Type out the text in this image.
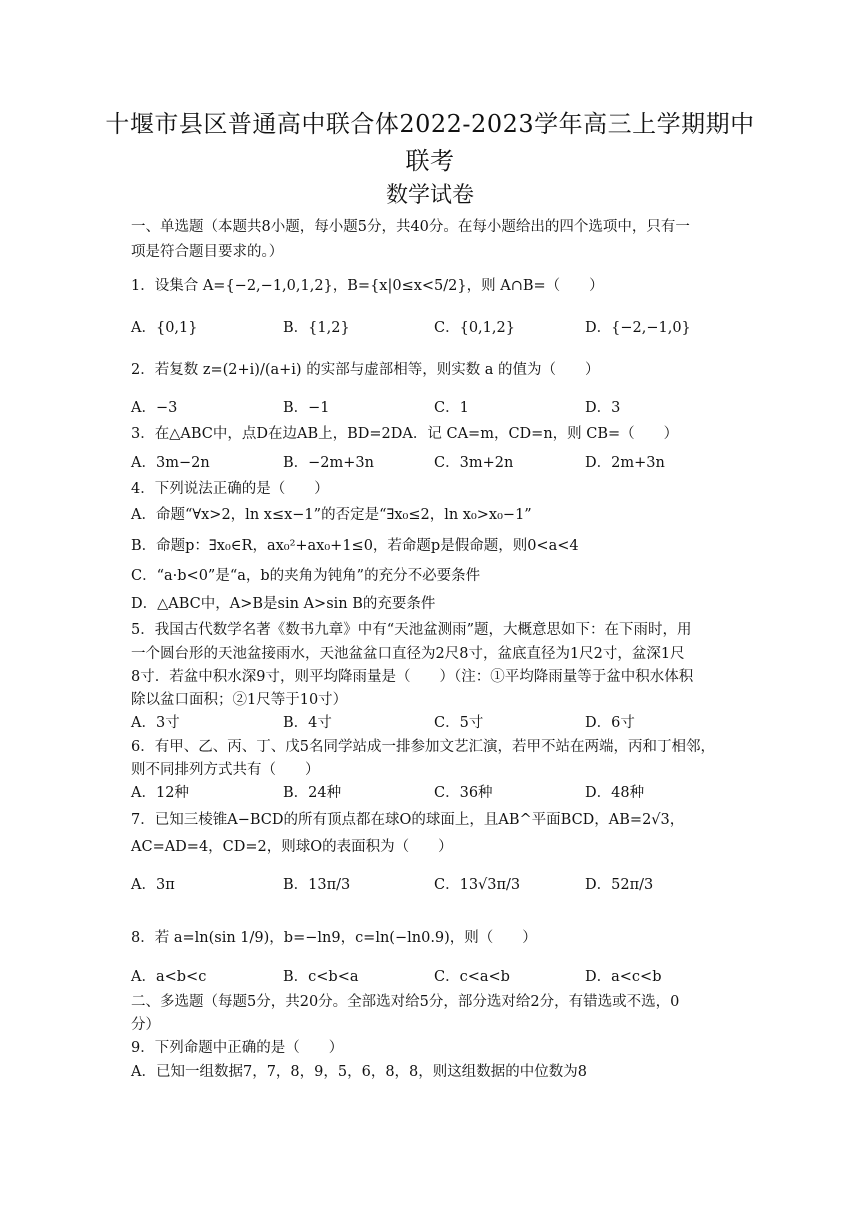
十堰市县区普通高中联合体2022-2023学年高三上学期期中
联考
数学试卷
一、单选题（本题共8小题，每小题5分，共40分。在每小题给出的四个选项中，只有一
项是符合题目要求的。）
1．设集合 A={−2,−1,0,1,2}，B={x|0≤x<5/2}，则 A∩B=（　　）
A．{0,1}	B．{1,2}	C．{0,1,2}	D．{−2,−1,0}
2．若复数 z=(2+i)/(a+i) 的实部与虚部相等，则实数 a 的值为（　　）
A．−3	B．−1	C．1	D．3
3．在△ABC中，点D在边AB上，BD=2DA．记 CA=m，CD=n，则 CB=（　　）
A．3m−2n	B．−2m+3n	C．3m+2n	D．2m+3n
4．下列说法正确的是（　　）
A．命题“∀x>2，ln x≤x−1”的否定是“∃x₀≤2，ln x₀>x₀−1”
B．命题p：∃x₀∈R，ax₀²+ax₀+1≤0，若命题p是假命题，则0<a<4
C．“a·b<0”是“a，b的夹角为钝角”的充分不必要条件
D．△ABC中，A>B是sin A>sin B的充要条件
5．我国古代数学名著《数书九章》中有“天池盆测雨”题，大概意思如下：在下雨时，用
一个圆台形的天池盆接雨水，天池盆盆口直径为2尺8寸，盆底直径为1尺2寸，盆深1尺
8寸．若盆中积水深9寸，则平均降雨量是（　　）（注：①平均降雨量等于盆中积水体积
除以盆口面积；②1尺等于10寸）
A．3寸	B．4寸	C．5寸	D．6寸
6．有甲、乙、丙、丁、戊5名同学站成一排参加文艺汇演，若甲不站在两端，丙和丁相邻，
则不同排列方式共有（　　）
A．12种	B．24种	C．36种	D．48种
7．已知三棱锥A−BCD的所有顶点都在球O的球面上，且AB^平面BCD，AB=2√3，
AC=AD=4，CD=2，则球O的表面积为（　　）
A．3π	B．13π/3	C．13√3π/3	D．52π/3
8．若 a=ln(sin 1/9)，b=−ln9，c=ln(−ln0.9)，则（　　）
A．a<b<c	B．c<b<a	C．c<a<b	D．a<c<b
二、多选题（每题5分，共20分。全部选对给5分，部分选对给2分，有错选或不选，0
分）
9．下列命题中正确的是（　　）
A．已知一组数据7，7，8，9，5，6，8，8，则这组数据的中位数为8
